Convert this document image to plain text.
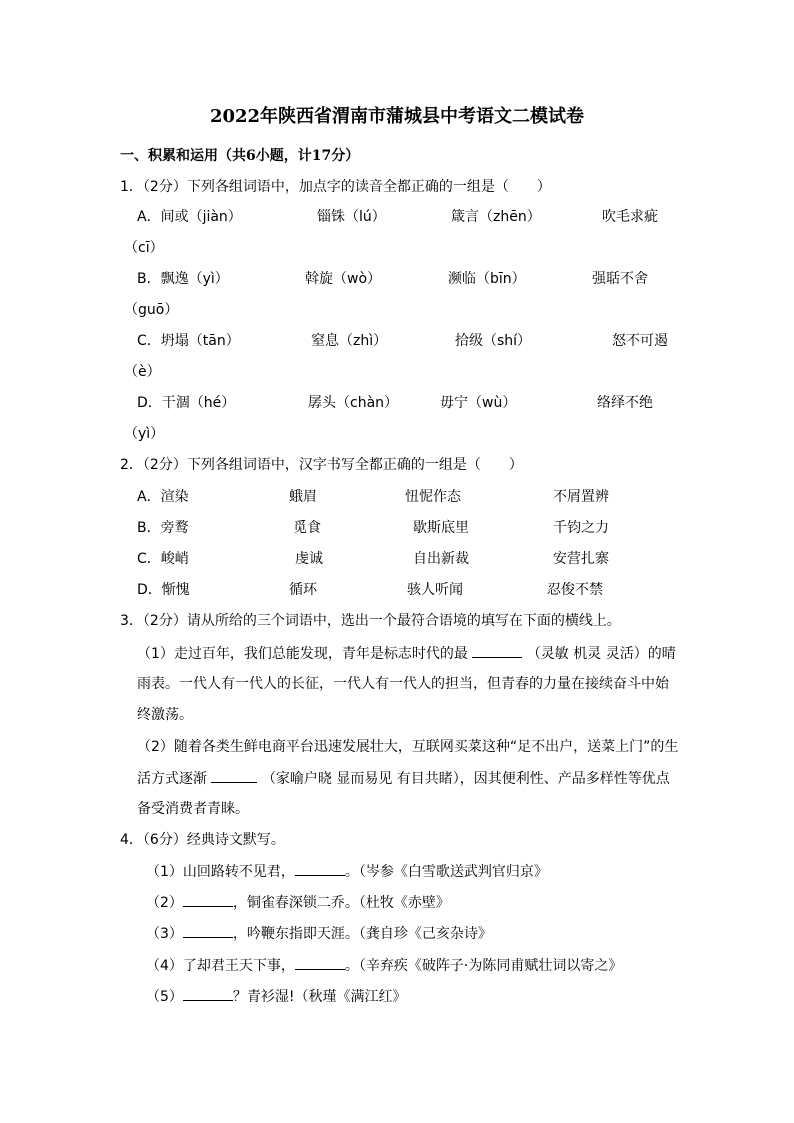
2022年陕西省渭南市蒲城县中考语文二模试卷
一、积累和运用（共6小题，计17分）
1．（2分）下列各组词语中，加点字的读音全都正确的一组是（　　）
A．间或（jiàn）	锱铢（lú）	箴言（zhēn）	吹毛求疵
（cī）
B．飘逸（yì）	斡旋（wò）	濒临（bīn）	强聒不舍
（guō）
C．坍塌（tān）	窒息（zhì）	拾级（shí）	怒不可遏
（è）
D．干涸（hé）	孱头（chàn）	毋宁（wù）	络绎不绝
（yì）
2．（2分）下列各组词语中，汉字书写全都正确的一组是（　　）
A．渲染	蛾眉	忸怩作态	不屑置辨
B．旁鹜	觅食	歇斯底里	千钧之力
C．峻峭	虔诚	自出新裁	安营扎寨
D．惭愧	循环	骇人听闻	忍俊不禁
3．（2分）请从所给的三个词语中，选出一个最符合语境的填写在下面的横线上。
（1）走过百年，我们总能发现，青年是标志时代的最	（灵敏 机灵 灵活）的晴
雨表。一代人有一代人的长征，一代人有一代人的担当，但青春的力量在接续奋斗中始
终激荡。
（2）随着各类生鲜电商平台迅速发展壮大，互联网买菜这种“足不出户，送菜上门”的生
活方式逐渐	（家喻户晓 显而易见 有目共睹），因其便利性、产品多样性等优点
备受消费者青睐。
4．（6分）经典诗文默写。
（1）山回路转不见君，	。（岑参《白雪歌送武判官归京》
（2）	，铜雀春深锁二乔。（杜牧《赤壁》
（3）	，吟鞭东指即天涯。（龚自珍《己亥杂诗》
（4）了却君王天下事，	。（辛弃疾《破阵子·为陈同甫赋壮词以寄之》
（5）	？青衫湿!（秋瑾《满江红》
